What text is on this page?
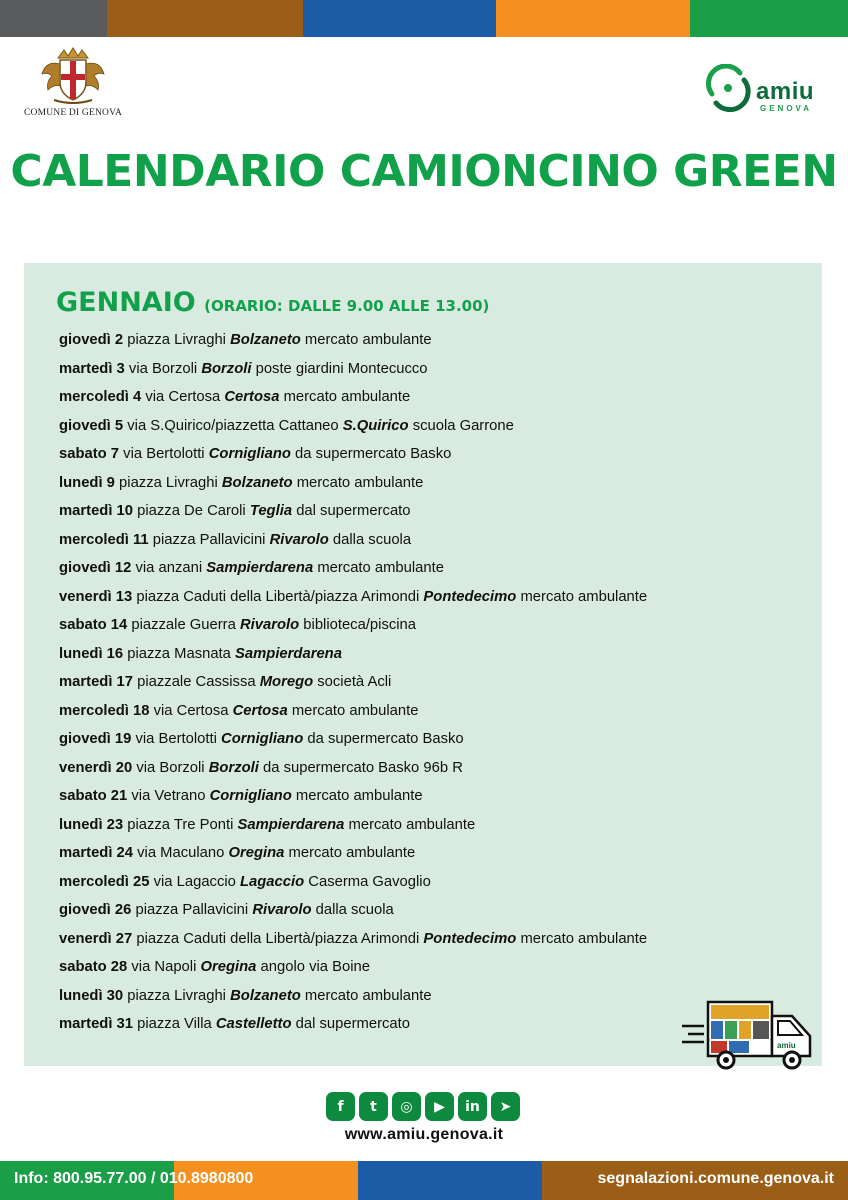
COMUNE DI GENOVA
amiu
GENOVA
CALENDARIO CAMIONCINO GREEN
GENNAIO (ORARIO: DALLE 9.00 ALLE 13.00)
giovedì 2 piazza Livraghi Bolzaneto mercato ambulante
martedì 3 via Borzoli Borzoli poste giardini Montecucco
mercoledì 4 via Certosa Certosa mercato ambulante
giovedì 5 via S.Quirico/piazzetta Cattaneo S.Quirico scuola Garrone
sabato 7 via Bertolotti Cornigliano da supermercato Basko
lunedì 9 piazza Livraghi Bolzaneto mercato ambulante
martedì 10 piazza De Caroli Teglia dal supermercato
mercoledì 11 piazza Pallavicini Rivarolo dalla scuola
giovedì 12 via anzani Sampierdarena mercato ambulante
venerdì 13 piazza Caduti della Libertà/piazza Arimondi Pontedecimo mercato ambulante
sabato 14 piazzale Guerra Rivarolo biblioteca/piscina
lunedì 16 piazza Masnata Sampierdarena
martedì 17 piazzale Cassissa Morego società Acli
mercoledì 18 via Certosa Certosa mercato ambulante
giovedì 19 via Bertolotti Cornigliano da supermercato Basko
venerdì 20 via Borzoli Borzoli da supermercato Basko 96b R
sabato 21 via Vetrano Cornigliano mercato ambulante
lunedì 23 piazza Tre Ponti Sampierdarena mercato ambulante
martedì 24 via Maculano Oregina mercato ambulante
mercoledì 25 via Lagaccio Lagaccio Caserma Gavoglio
giovedì 26 piazza Pallavicini Rivarolo dalla scuola
venerdì 27 piazza Caduti della Libertà/piazza Arimondi Pontedecimo mercato ambulante
sabato 28 via Napoli Oregina angolo via Boine
lunedì 30 piazza Livraghi Bolzaneto mercato ambulante
martedì 31 piazza Villa Castelletto dal supermercato
amiu
f	t	◎	▶	in	➤
www.amiu.genova.it
Info: 800.95.77.00 / 010.8980800	segnalazioni.comune.genova.it
